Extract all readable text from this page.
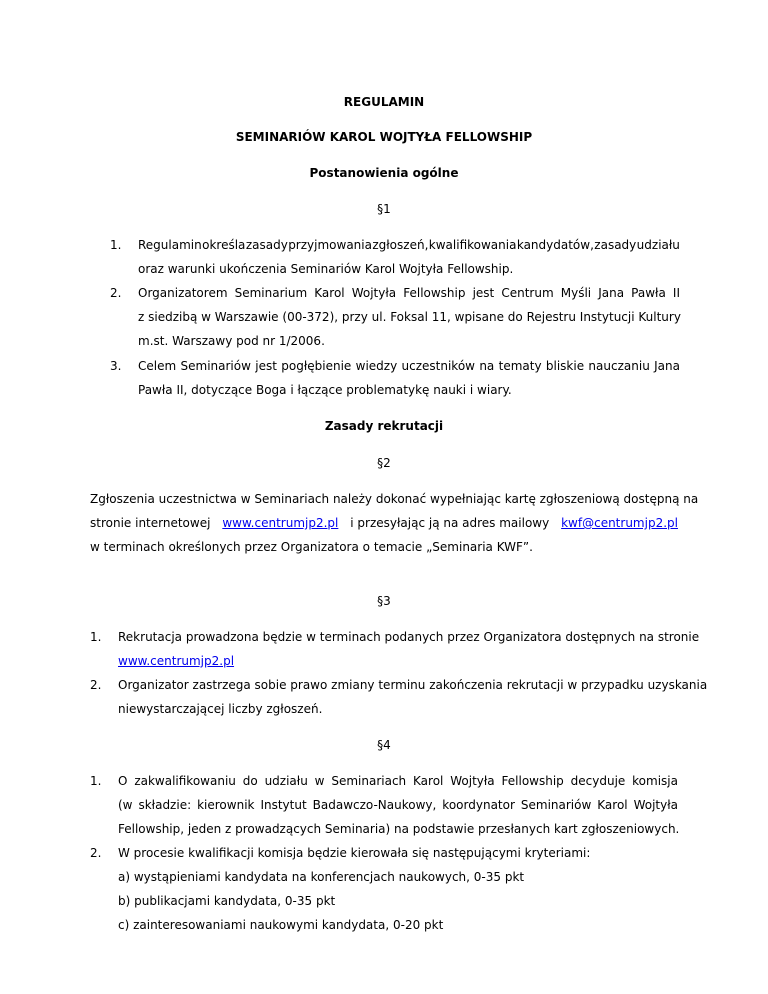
REGULAMIN
SEMINARIÓW KAROL WOJTYŁA FELLOWSHIP
Postanowienia ogólne
§1
1. Regulamin określa zasady przyjmowania zgłoszeń, kwalifikowania kandydatów, zasady udziału
oraz warunki ukończenia Seminariów Karol Wojtyła Fellowship.
2. Organizatorem Seminarium Karol Wojtyła Fellowship jest Centrum Myśli Jana Pawła II
z siedzibą w Warszawie (00-372), przy ul. Foksal 11, wpisane do Rejestru Instytucji Kultury
m.st. Warszawy pod nr 1/2006.
3. Celem Seminariów jest pogłębienie wiedzy uczestników na tematy bliskie nauczaniu Jana
Pawła II, dotyczące Boga i łączące problematykę nauki i wiary.
Zasady rekrutacji
§2
Zgłoszenia uczestnictwa w Seminariach należy dokonać wypełniając kartę zgłoszeniową dostępną na
stronie internetowej www.centrumjp2.pl i przesyłając ją na adres mailowy kwf@centrumjp2.pl
w terminach określonych przez Organizatora o temacie „Seminaria KWF”.
§3
1. Rekrutacja prowadzona będzie w terminach podanych przez Organizatora dostępnych na stronie
www.centrumjp2.pl
2. Organizator zastrzega sobie prawo zmiany terminu zakończenia rekrutacji w przypadku uzyskania
niewystarczającej liczby zgłoszeń.
§4
1. O zakwalifikowaniu do udziału w Seminariach Karol Wojtyła Fellowship decyduje komisja
(w składzie: kierownik Instytut Badawczo-Naukowy, koordynator Seminariów Karol Wojtyła
Fellowship, jeden z prowadzących Seminaria) na podstawie przesłanych kart zgłoszeniowych.
2. W procesie kwalifikacji komisja będzie kierowała się następującymi kryteriami:
a) wystąpieniami kandydata na konferencjach naukowych, 0-35 pkt
b) publikacjami kandydata, 0-35 pkt
c) zainteresowaniami naukowymi kandydata, 0-20 pkt
